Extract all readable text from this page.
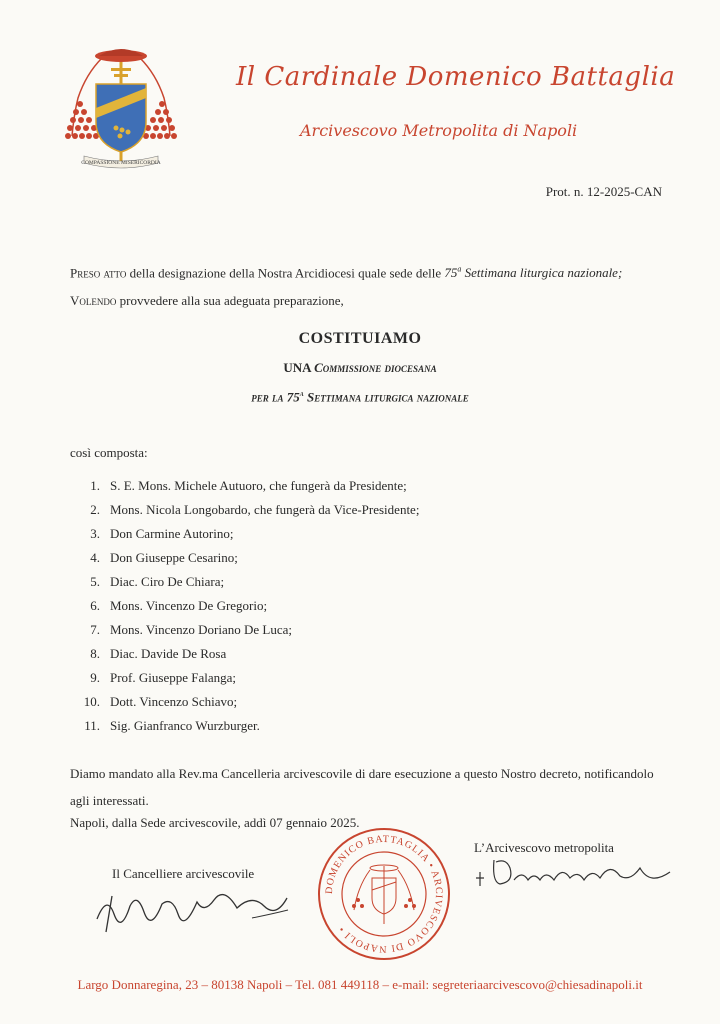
COMPASSIONE MISERICORDIA
Il Cardinale Domenico Battaglia
Arcivescovo Metropolita di Napoli
Prot. n. 12-2025-CAN
Preso atto della designazione della Nostra Arcidiocesi quale sede delle 75$^a$ Settimana liturgica nazionale;
Volendo provvedere alla sua adeguata preparazione,
COSTITUIAMO
UNA Commissione diocesana
per la 75$^a$ Settimana liturgica nazionale
così composta:
1. S. E. Mons. Michele Autuoro, che fungerà da Presidente;
2. Mons. Nicola Longobardo, che fungerà da Vice-Presidente;
3. Don Carmine Autorino;
4. Don Giuseppe Cesarino;
5. Diac. Ciro De Chiara;
6. Mons. Vincenzo De Gregorio;
7. Mons. Vincenzo Doriano De Luca;
8. Diac. Davide De Rosa
9. Prof. Giuseppe Falanga;
10. Dott. Vincenzo Schiavo;
11. Sig. Gianfranco Wurzburger.
Diamo mandato alla Rev.ma Cancelleria arcivescovile di dare esecuzione a questo Nostro decreto, notificandolo agli interessati.
Napoli, dalla Sede arcivescovile, addì 07 gennaio 2025.
Il Cancelliere arcivescovile
DOMENICO BATTAGLIA • ARCIVESCOVO DI NAPOLI •
L’Arcivescovo metropolita
Largo Donnaregina, 23 – 80138 Napoli – Tel. 081 449118 – e-mail: segreteriaarcivescovo@chiesadinapoli.it
